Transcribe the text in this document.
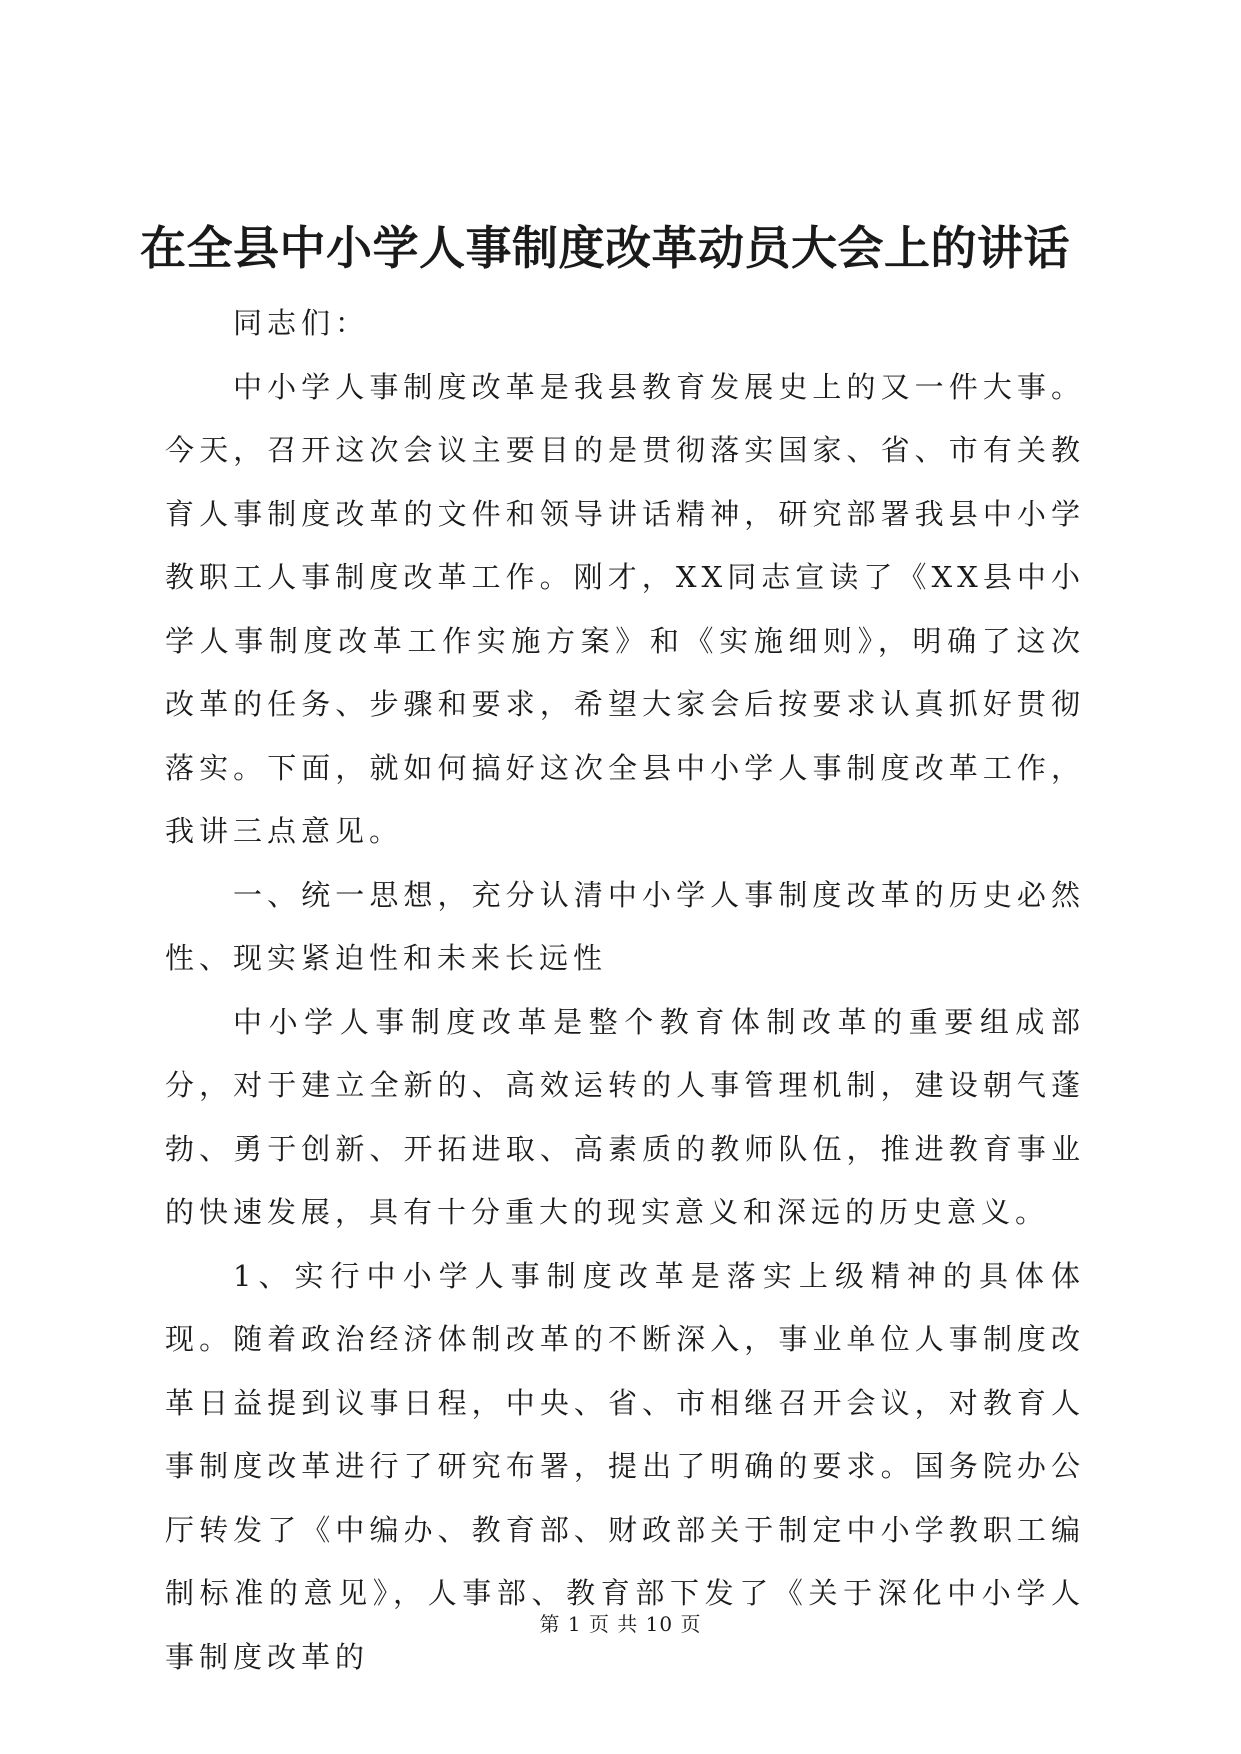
在全县中小学人事制度改革动员大会上的讲话

同志们：

中小学人事制度改革是我县教育发展史上的又一件大事。今天，召开这次会议主要目的是贯彻落实国家、省、市有关教育人事制度改革的文件和领导讲话精神，研究部署我县中小学教职工人事制度改革工作。刚才，XX同志宣读了《XX县中小学人事制度改革工作实施方案》和《实施细则》，明确了这次改革的任务、步骤和要求，希望大家会后按要求认真抓好贯彻落实。下面，就如何搞好这次全县中小学人事制度改革工作，我讲三点意见。

一、统一思想，充分认清中小学人事制度改革的历史必然性、现实紧迫性和未来长远性

中小学人事制度改革是整个教育体制改革的重要组成部分，对于建立全新的、高效运转的人事管理机制，建设朝气蓬勃、勇于创新、开拓进取、高素质的教师队伍，推进教育事业的快速发展，具有十分重大的现实意义和深远的历史意义。

1、实行中小学人事制度改革是落实上级精神的具体体现。随着政治经济体制改革的不断深入，事业单位人事制度改革日益提到议事日程，中央、省、市相继召开会议，对教育人事制度改革进行了研究布署，提出了明确的要求。国务院办公厅转发了《中编办、教育部、财政部关于制定中小学教职工编制标准的意见》，人事部、教育部下发了《关于深化中小学人事制度改革的

第 1 页 共 10 页
